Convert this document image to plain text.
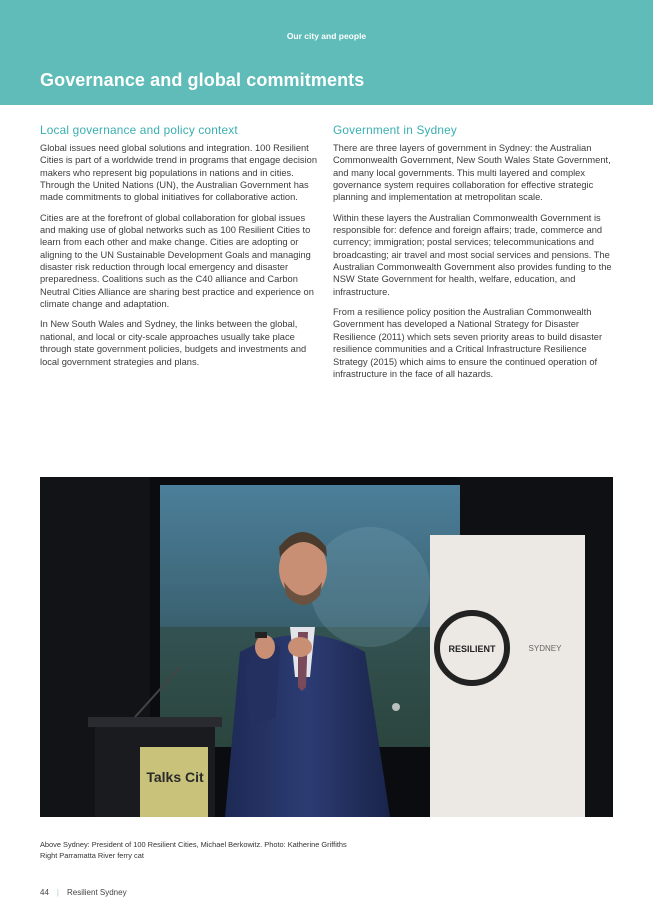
Our city and people
Governance and global commitments
Local governance and policy context

Global issues need global solutions and integration. 100 Resilient Cities is part of a worldwide trend in programs that engage decision makers who represent big populations in nations and in cities. Through the United Nations (UN), the Australian Government has made commitments to global initiatives for collaborative action.

Cities are at the forefront of global collaboration for global issues and making use of global networks such as 100 Resilient Cities to learn from each other and make change. Cities are adopting or aligning to the UN Sustainable Development Goals and managing disaster risk reduction through local emergency and disaster preparedness. Coalitions such as the C40 alliance and Carbon Neutral Cities Alliance are sharing best practice and experience on climate change and adaptation.

In New South Wales and Sydney, the links between the global, national, and local or city-scale approaches usually take place through state government policies, budgets and investments and local government strategies and plans.

Government in Sydney

There are three layers of government in Sydney: the Australian Commonwealth Government, New South Wales State Government, and many local governments. This multi layered and complex governance system requires collaboration for effective strategic planning and implementation at metropolitan scale.

Within these layers the Australian Commonwealth Government is responsible for: defence and foreign affairs; trade, commerce and currency; immigration; postal services; telecommunications and broadcasting; air travel and most social services and pensions. The Australian Commonwealth Government also provides funding to the NSW State Government for health, welfare, education, and infrastructure.

From a resilience policy position the Australian Commonwealth Government has developed a National Strategy for Disaster Resilience (2011) which sets seven priority areas to build disaster resilience communities and a Critical Infrastructure Resilience Strategy (2015) which aims to ensure the continued operation of infrastructure in the face of all hazards.

RESILIENT	SYDNEY
Talks Cit
Above Sydney: President of 100 Resilient Cities, Michael Berkowitz. Photo: Katherine Griffiths
Right Parramatta River ferry cat
44 | Resilient Sydney
